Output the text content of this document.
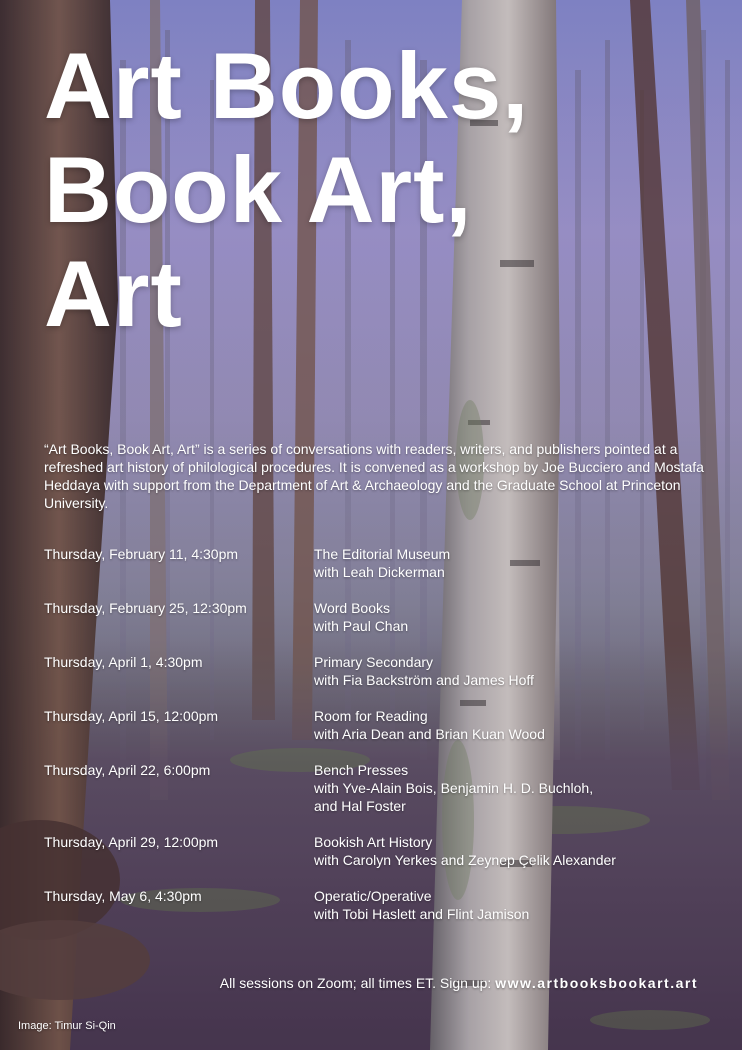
Art Books,
Book Art,
Art

“Art Books, Book Art, Art” is a series of conversations with readers, writers, and publishers pointed at a refreshed art history of philological procedures. It is convened as a workshop by Joe Bucciero and Mostafa Heddaya with support from the Department of Art & Archaeology and the Graduate School at Princeton University.

Thursday, February 11, 4:30pm	The Editorial Museum
with Leah Dickerman
Thursday, February 25, 12:30pm	Word Books
with Paul Chan
Thursday, April 1, 4:30pm	Primary Secondary
with Fia Backström and James Hoff
Thursday, April 15, 12:00pm	Room for Reading
with Aria Dean and Brian Kuan Wood
Thursday, April 22, 6:00pm	Bench Presses
with Yve-Alain Bois, Benjamin H. D. Buchloh,
and Hal Foster
Thursday, April 29, 12:00pm	Bookish Art History
with Carolyn Yerkes and Zeynep Çelik Alexander
Thursday, May 6, 4:30pm	Operatic/Operative
with Tobi Haslett and Flint Jamison
All sessions on Zoom; all times ET. Sign up: www.artbooksbookart.art
Image: Timur Si-Qin
